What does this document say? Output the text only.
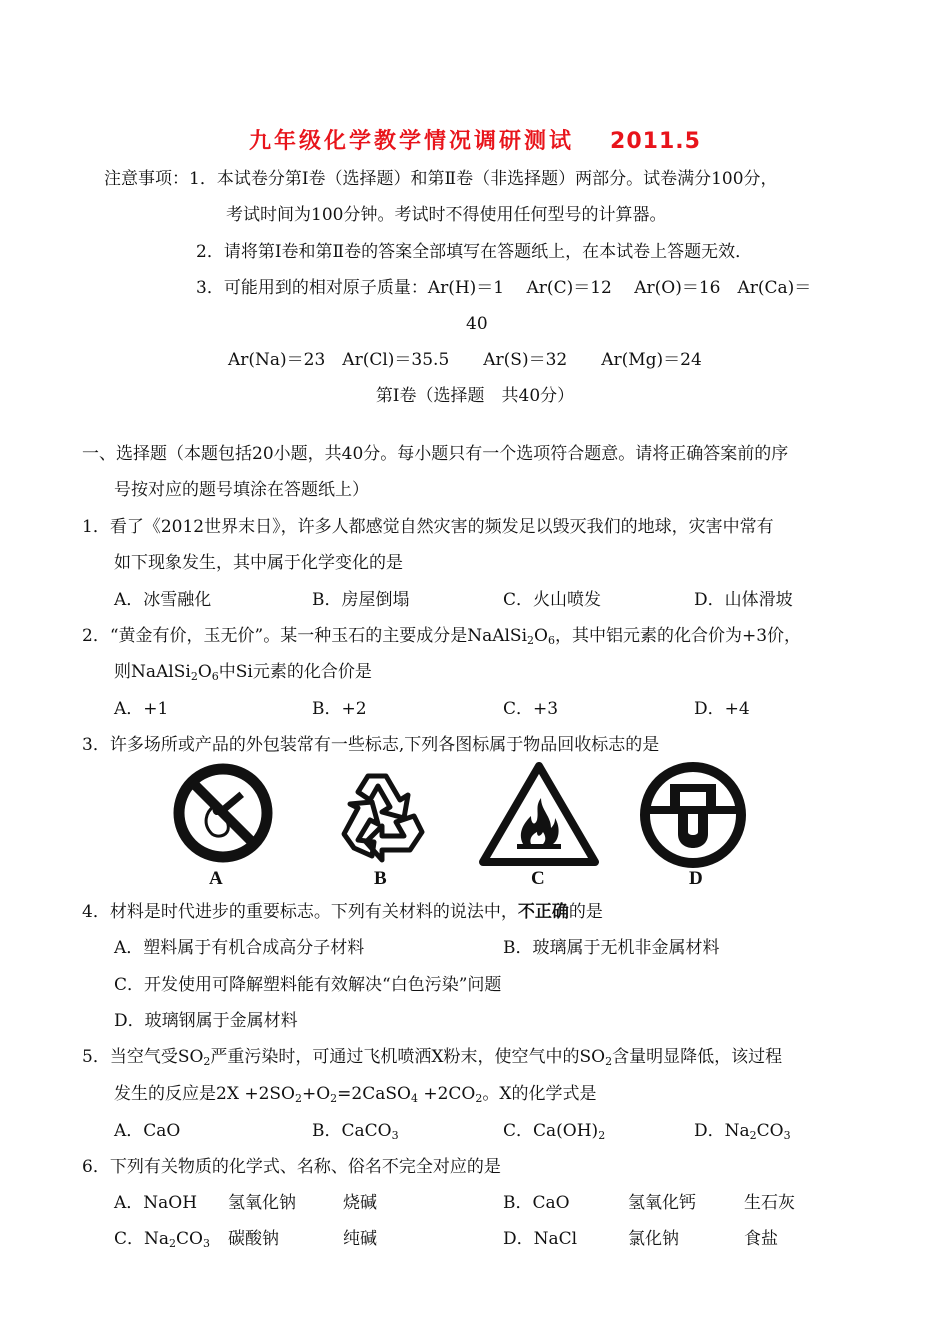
九年级化学教学情况调研测试 2011.5
注意事项：1．本试卷分第Ⅰ卷（选择题）和第Ⅱ卷（非选择题）两部分。试卷满分100分，
考试时间为100分钟。考试时不得使用任何型号的计算器。
2．请将第Ⅰ卷和第Ⅱ卷的答案全部填写在答题纸上，在本试卷上答题无效．
3．可能用到的相对原子质量：Ar(H)＝1　 Ar(C)＝12　 Ar(O)＝16　Ar(Ca)＝
40
Ar(Na)＝23　Ar(Cl)＝35.5　　Ar(S)＝32　　Ar(Mg)＝24
第Ⅰ卷（选择题　共40分）
一、选择题（本题包括20小题，共40分。每小题只有一个选项符合题意。请将正确答案前的序
号按对应的题号填涂在答题纸上）
1．看了《2012世界末日》，许多人都感觉自然灾害的频发足以毁灭我们的地球，灾害中常有
如下现象发生，其中属于化学变化的是
A．冰雪融化	B．房屋倒塌	C．火山喷发	D．山体滑坡
2．“黄金有价，玉无价”。某一种玉石的主要成分是$NaAlSi_2O_6$，其中铝元素的化合价为+3价，
则$NaAlSi_2O_6$中Si元素的化合价是
A．+1	B．+2	C．+3	D．+4
3．许多场所或产品的外包装常有一些标志,下列各图标属于物品回收标志的是
A	B	C	D
4．材料是时代进步的重要标志。下列有关材料的说法中，不正确的是
A．塑料属于有机合成高分子材料	B．玻璃属于无机非金属材料
C．开发使用可降解塑料能有效解决“白色污染”问题
D．玻璃钢属于金属材料
5．当空气受$SO_2$严重污染时，可通过飞机喷洒X粉末，使空气中的$SO_2$含量明显降低，该过程
发生的反应是$2X +2SO_2+O_2=2CaSO_4 +2CO_2$。X的化学式是
A．CaO	B．CaCO$_3$	C．$Ca(OH)_2$	D．$Na_2CO_3$
6．下列有关物质的化学式、名称、俗名不完全对应的是
A．NaOH 氢氧化钠	烧碱	B．CaO	氢氧化钙	生石灰
C．$Na_2CO_3$ 碳酸钠	纯碱	D．NaCl	氯化钠	食盐
